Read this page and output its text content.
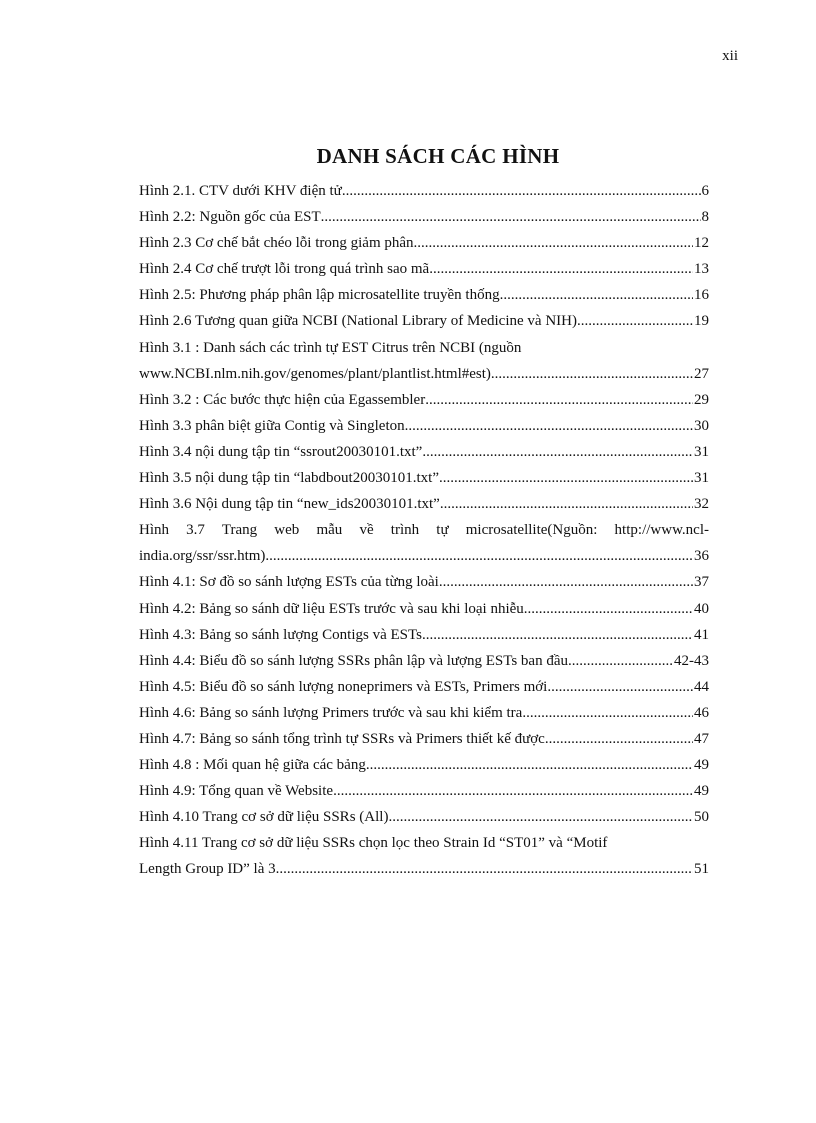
xii
DANH SÁCH CÁC HÌNH
Hình 2.1. CTV dưới KHV điện tử .....	6
Hình 2.2: Nguồn gốc của EST .....	8
Hình 2.3 Cơ chế bắt chéo lỗi trong giảm phân .....	12
Hình 2.4 Cơ chế trượt lỗi trong quá trình sao mã .....	13
Hình 2.5: Phương pháp phân lập microsatellite truyền thống .....	16
Hình 2.6 Tương quan giữa NCBI (National Library of Medicine và NIH) .....	19
Hình 3.1 : Danh sách các trình tự EST Citrus trên NCBI (nguồn
www.NCBI.nlm.nih.gov/genomes/plant/plantlist.html#est) .....	27
Hình 3.2 : Các bước thực hiện của Egassembler .....	29
Hình 3.3 phân biệt giữa Contig và Singleton .....	30
Hình 3.4 nội dung tập tin “ssrout20030101.txt” .....	31
Hình 3.5 nội dung tập tin “labdbout20030101.txt” .....	31
Hình 3.6 Nội dung tập tin “new_ids20030101.txt” .....	32
Hình 3.7 Trang web mẫu về trình tự microsatellite(Nguồn: http://www.ncl-
india.org/ssr/ssr.htm) .....	36
Hình 4.1: Sơ đồ so sánh lượng ESTs của từng loài .....	37
Hình 4.2: Bảng so sánh dữ liệu ESTs trước và sau khi loại nhiễu .....	40
Hình 4.3: Bảng so sánh lượng Contigs và ESTs .....	41
Hình 4.4: Biểu đồ so sánh lượng SSRs phân lập và lượng ESTs ban đầu .....	42-43
Hình 4.5: Biểu đồ so sánh lượng noneprimers và ESTs, Primers mới .....	44
Hình 4.6: Bảng so sánh lượng Primers trước và sau khi kiểm tra .....	46
Hình 4.7: Bảng so sánh tổng trình tự SSRs và Primers thiết kế được .....	47
Hình 4.8 : Mối quan hệ giữa các bảng .....	49
Hình 4.9: Tổng quan về Website .....	49
Hình 4.10 Trang cơ sở dữ liệu SSRs (All) .....	50
Hình 4.11 Trang cơ sở dữ liệu SSRs chọn lọc theo Strain Id “ST01” và “Motif
Length Group ID” là 3 .....	51
